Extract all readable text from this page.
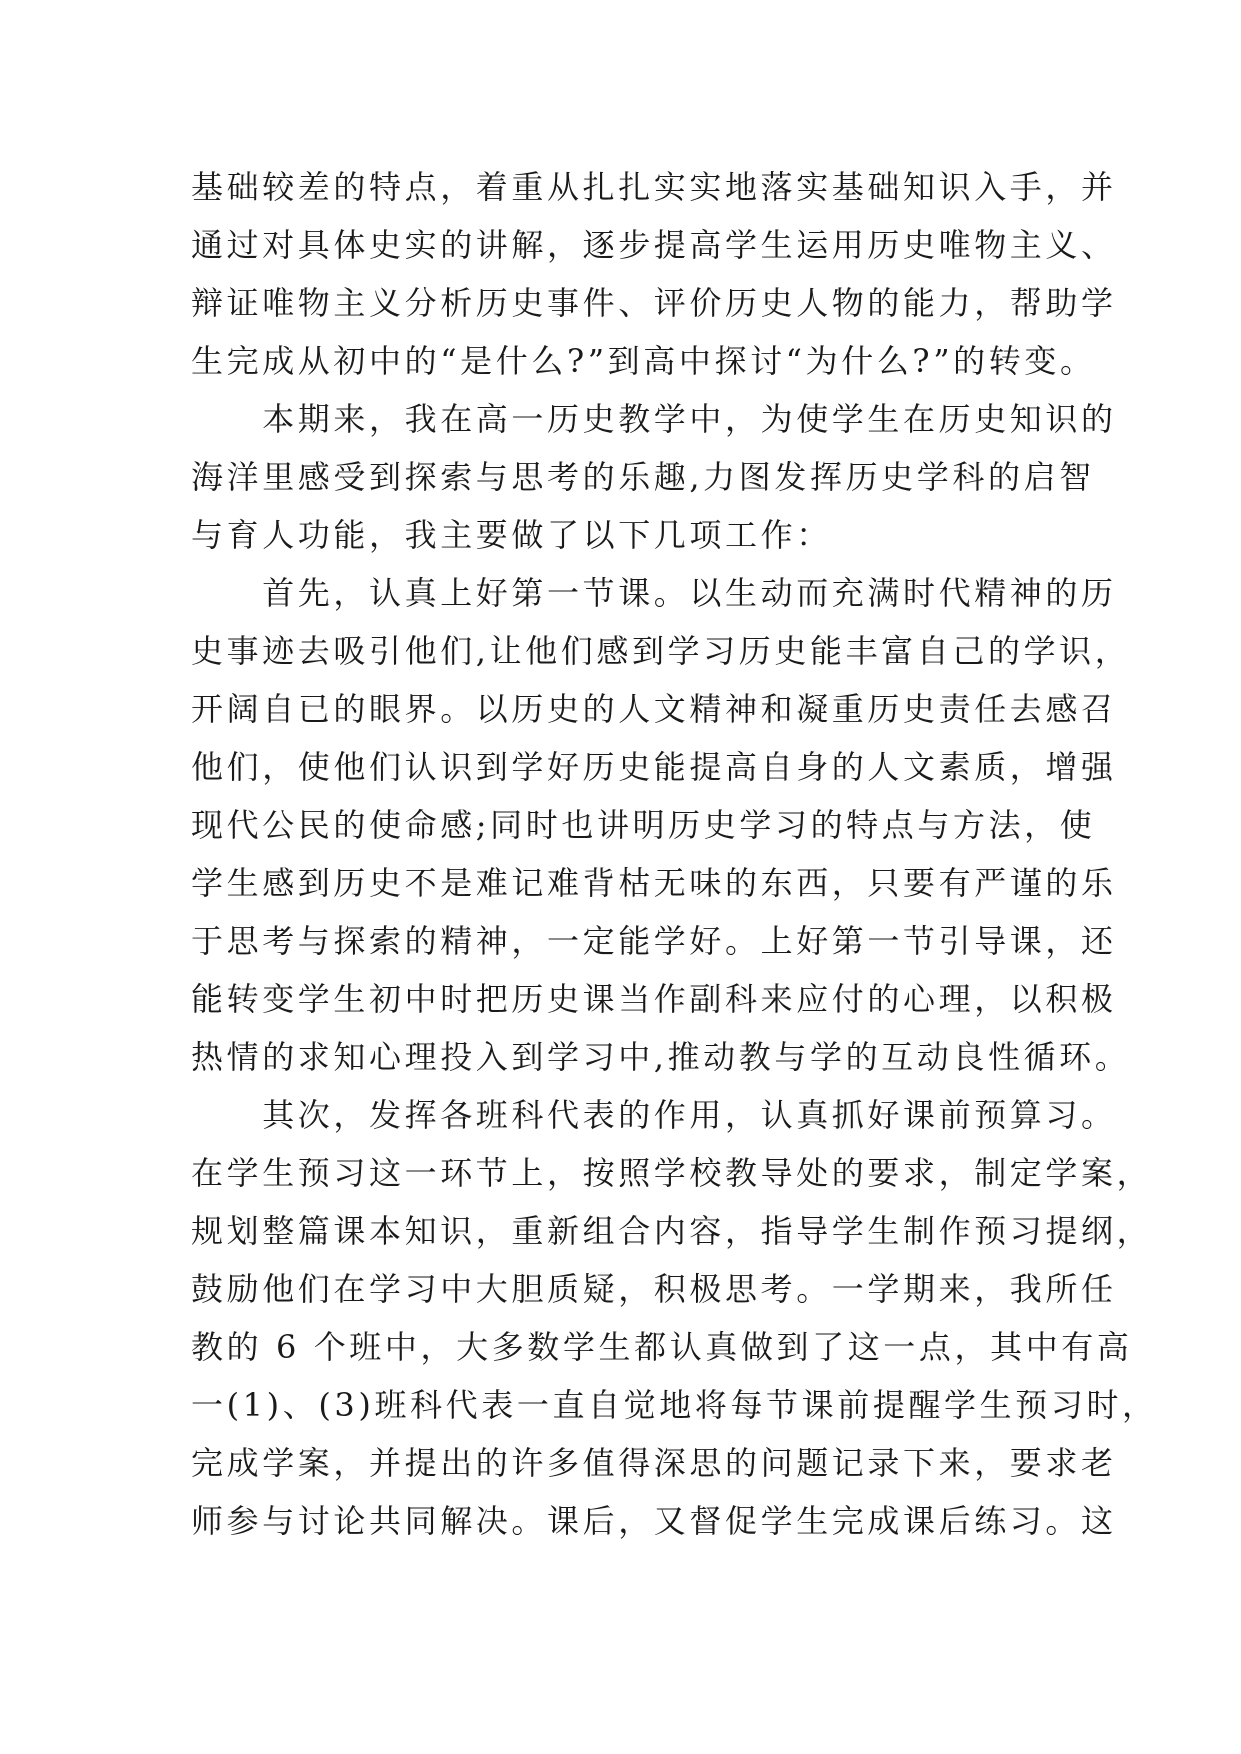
基础较差的特点，着重从扎扎实实地落实基础知识入手，并
通过对具体史实的讲解，逐步提高学生运用历史唯物主义、
辩证唯物主义分析历史事件、评价历史人物的能力，帮助学
生完成从初中的“是什么?”到高中探讨“为什么?”的转变。
　　本期来，我在高一历史教学中，为使学生在历史知识的
海洋里感受到探索与思考的乐趣,力图发挥历史学科的启智
与育人功能，我主要做了以下几项工作：
　　首先，认真上好第一节课。以生动而充满时代精神的历
史事迹去吸引他们,让他们感到学习历史能丰富自己的学识，
开阔自已的眼界。以历史的人文精神和凝重历史责任去感召
他们，使他们认识到学好历史能提高自身的人文素质，增强
现代公民的使命感;同时也讲明历史学习的特点与方法，使
学生感到历史不是难记难背枯无味的东西，只要有严谨的乐
于思考与探索的精神，一定能学好。上好第一节引导课，还
能转变学生初中时把历史课当作副科来应付的心理，以积极
热情的求知心理投入到学习中,推动教与学的互动良性循环。
　　其次，发挥各班科代表的作用，认真抓好课前预算习。
在学生预习这一环节上，按照学校教导处的要求，制定学案，
规划整篇课本知识，重新组合内容，指导学生制作预习提纲，
鼓励他们在学习中大胆质疑，积极思考。一学期来，我所任
教的 6 个班中，大多数学生都认真做到了这一点，其中有高
一(1)、(3)班科代表一直自觉地将每节课前提醒学生预习时，
完成学案，并提出的许多值得深思的问题记录下来，要求老
师参与讨论共同解决。课后，又督促学生完成课后练习。这
